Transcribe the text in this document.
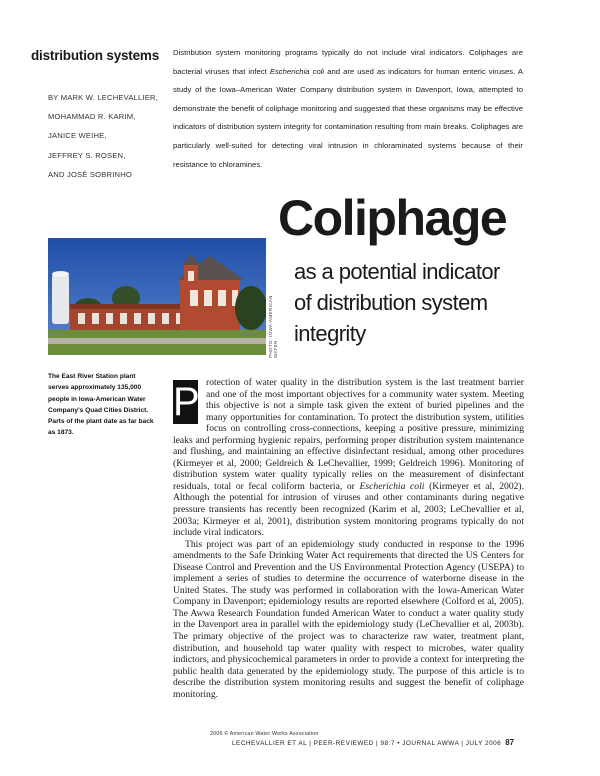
distribution systems
BY MARK W. LECHEVALLIER,
MOHAMMAD R. KARIM,
JANICE WEIHE,
JEFFREY S. ROSEN,
AND JOSÉ SOBRINHO
Distribution system monitoring programs typically do not include viral indicators. Coliphages are bacterial viruses that infect Escherichia coli and are used as indicators for human enteric viruses. A study of the Iowa–American Water Company distribution system in Davenport, Iowa, attempted to demonstrate the benefit of coliphage monitoring and suggested that these organisms may be effective indicators of distribution system integrity for contamination resulting from main breaks. Coliphages are particularly well-suited for detecting viral intrusion in chloraminated systems because of their resistance to chloramines.
Coliphage
as a potential indicator
of distribution system
integrity
PHOTO: IOWA-AMERICAN WATER
The East River Station plant serves approximately 135,000 people in Iowa-American Water Company’s Quad Cities District. Parts of the plant date as far back as 1873.

P rotection of water quality in the distribution system is the last treatment barrier and one of the most important objectives for a community water system. Meeting this objective is not a simple task given the extent of buried pipelines and the many opportunities for contamination. To protect the distribution system, utilities focus on controlling cross-connections, keeping a positive pressure, minimizing leaks and performing hygienic repairs, performing proper distribution system maintenance and flushing, and maintaining an effective disinfectant residual, among other procedures (Kirmeyer et al, 2000; Geldreich & LeChevallier, 1999; Geldreich 1996). Monitoring of distribution system water quality typically relies on the measurement of disinfectant residuals, total or fecal coliform bacteria, or Escherichia coli (Kirmeyer et al, 2002). Although the potential for intrusion of viruses and other contaminants during negative pressure transients has recently been recognized (Karim et al, 2003; LeChevallier et al, 2003a; Kirmeyer et al, 2001), distribution system monitoring programs typically do not include viral indicators.

This project was part of an epidemiology study conducted in response to the 1996 amendments to the Safe Drinking Water Act requirements that directed the US Centers for Disease Control and Prevention and the US Environmental Protection Agency (USEPA) to implement a series of studies to determine the occurrence of waterborne disease in the United States. The study was performed in collaboration with the Iowa-American Water Company in Davenport; epidemiology results are reported elsewhere (Colford et al, 2005). The Awwa Research Foundation funded American Water to conduct a water quality study in the Davenport area in parallel with the epidemiology study (LeChevallier et al, 2003b). The primary objective of the project was to characterize raw water, treatment plant, distribution, and household tap water quality with respect to microbes, water quality indictors, and physicochemical parameters in order to provide a context for interpreting the public health data generated by the epidemiology study. The purpose of this article is to describe the distribution system monitoring results and suggest the benefit of coliphage monitoring.

2006 © American Water Works Association
LECHEVALLIER ET AL | PEER-REVIEWED | 98:7 • JOURNAL AWWA | JULY 2006 87
